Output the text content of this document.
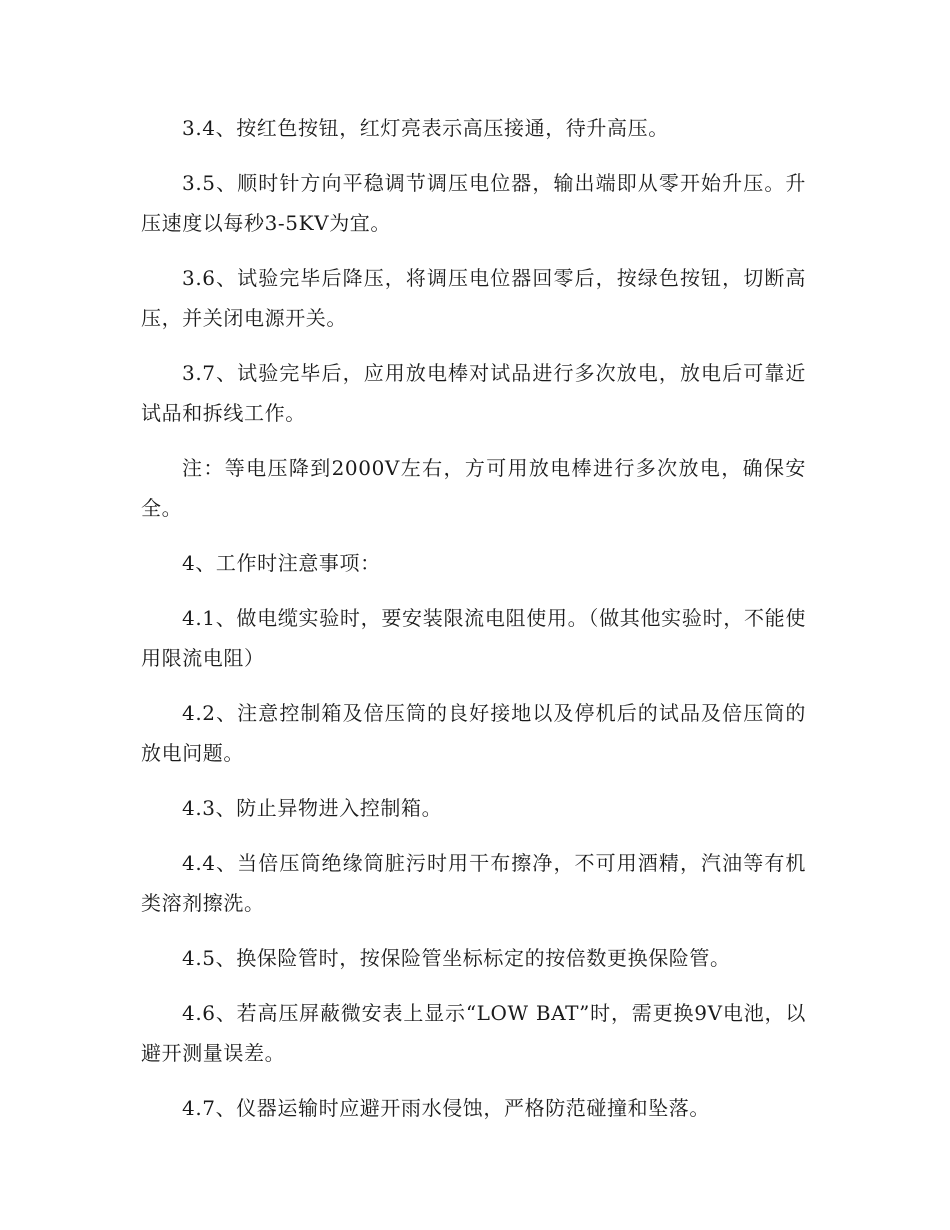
3.4、按红色按钮，红灯亮表示高压接通，待升高压。

3.5、顺时针方向平稳调节调压电位器，输出端即从零开始升压。升压速度以每秒3-5KV为宜。

3.6、试验完毕后降压，将调压电位器回零后，按绿色按钮，切断高压，并关闭电源开关。

3.7、试验完毕后，应用放电棒对试品进行多次放电，放电后可靠近试品和拆线工作。

注：等电压降到2000V左右，方可用放电棒进行多次放电，确保安全。

4、工作时注意事项：

4.1、做电缆实验时，要安装限流电阻使用。（做其他实验时，不能使用限流电阻）

4.2、注意控制箱及倍压筒的良好接地以及停机后的试品及倍压筒的放电问题。

4.3、防止异物进入控制箱。

4.4、当倍压筒绝缘筒脏污时用干布擦净，不可用酒精，汽油等有机类溶剂擦洗。

4.5、换保险管时，按保险管坐标标定的按倍数更换保险管。

4.6、若高压屏蔽微安表上显示“LOW BAT”时，需更换9V电池，以避开测量误差。

4.7、仪器运输时应避开雨水侵蚀，严格防范碰撞和坠落。
